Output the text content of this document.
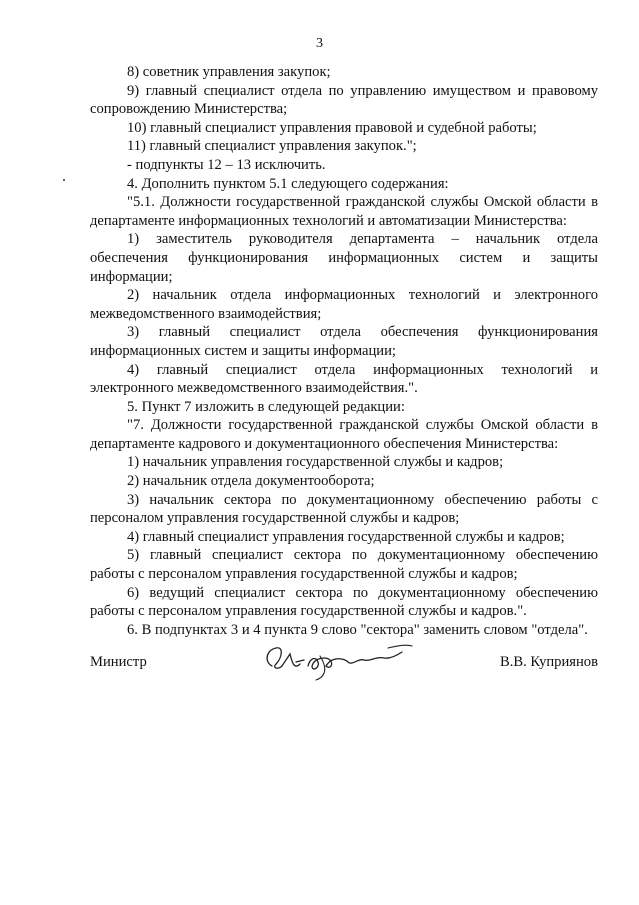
3

8) советник управления закупок;

9) главный специалист отдела по управлению имуществом и правовому сопровождению Министерства;

10) главный специалист управления правовой и судебной работы;

11) главный специалист управления закупок.";

- подпункты 12 – 13 исключить.

4. Дополнить пунктом 5.1 следующего содержания:

"5.1. Должности государственной гражданской службы Омской области в департаменте информационных технологий и автоматизации Министерства:

1) заместитель руководителя департамента – начальник отдела обеспечения функционирования информационных систем и защиты информации;

2) начальник отдела информационных технологий и электронного межведомственного взаимодействия;

3) главный специалист отдела обеспечения функционирования информационных систем и защиты информации;

4) главный специалист отдела информационных технологий и электронного межведомственного взаимодействия.".

5. Пункт 7 изложить в следующей редакции:

"7. Должности государственной гражданской службы Омской области в департаменте кадрового и документационного обеспечения Министерства:

1) начальник управления государственной службы и кадров;

2) начальник отдела документооборота;

3) начальник сектора по документационному обеспечению работы с персоналом управления государственной службы и кадров;

4) главный специалист управления государственной службы и кадров;

5) главный специалист сектора по документационному обеспечению работы с персоналом управления государственной службы и кадров;

6) ведущий специалист сектора по документационному обеспечению работы с персоналом управления государственной службы и кадров.".

6. В подпунктах 3 и 4 пункта 9 слово "сектора" заменить словом "отдела".

Министр	В.В. Куприянов
